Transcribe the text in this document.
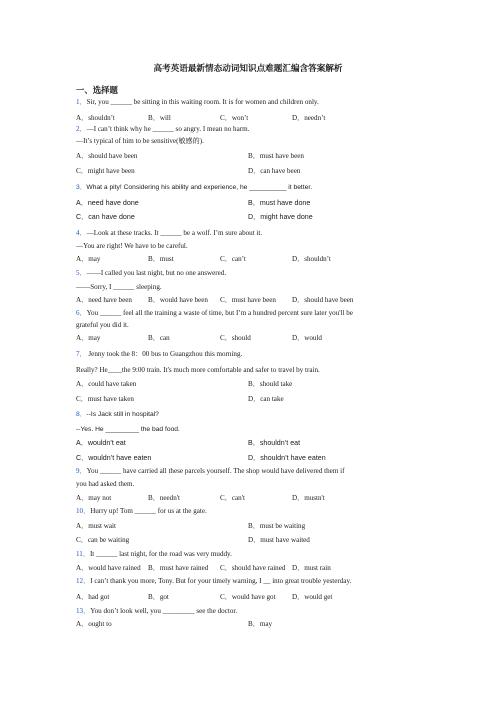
高考英语最新情态动词知识点难题汇编含答案解析
一、选择题
1．Sir, you ______ be sitting in this waiting room. It is for women and children only.
A．shouldn’t	B．will	C．won’t	D．needn’t
2．—I can’t think why he ______ so angry. I mean no harm.
—It’s typical of him to be sensitive(敏感的).
A．should have been	B．must have been
C．might have been	D．can have been
3．What a pity! Considering his ability and experience, he __________ it better.
A．need have done	B．must have done
C．can have done	D．might have done
4．—Look at these tracks. It ______ be a wolf. I’m sure about it.
—You are right! We have to be careful.
A．may	B．must	C．can’t	D．shouldn’t
5．——I called you last night, but no one answered.
——Sorry, I ______ sleeping.
A．need have been B．would have been C．must have been D．should have been
6．You ______ feel all the training a waste of time, but I’m a hundred percent sure later you'll be
grateful you did it.
A．may	B．can	C．should	D．would
7． Jenny took the 8：00 bus to Guangzhou this morning.
Really? He____the 9:00 train. It's much more comfortable and safer to travel by train.
A．could have taken	B．should take
C．must have taken	D．can take
8．--Is Jack still in hospital?
--Yes. He _________ the bad food.
A．wouldn’t eat	B．shouldn’t eat
C．wouldn’t have eaten	D．shouldn’t have eaten
9．You ______ have carried all these parcels yourself. The shop would have delivered them if
you had asked them.
A．may not	B．needn't	C．can't	D．mustn't
10．Hurry up! Tom ______ for us at the gate.
A．must wait	B．must be waiting
C．can be waiting	D．must have waited
11．It ______ last night, for the road was very muddy.
A．would have rained B．must have rained C．should have rained D．must rain
12．I can’t thank you more, Tony. But for your timely warning, I __ into great trouble yesterday.
A．had got	B．got	C．would have got D．would get
13．You don’t look well, you _________ see the doctor.
A．ought to	B．may
